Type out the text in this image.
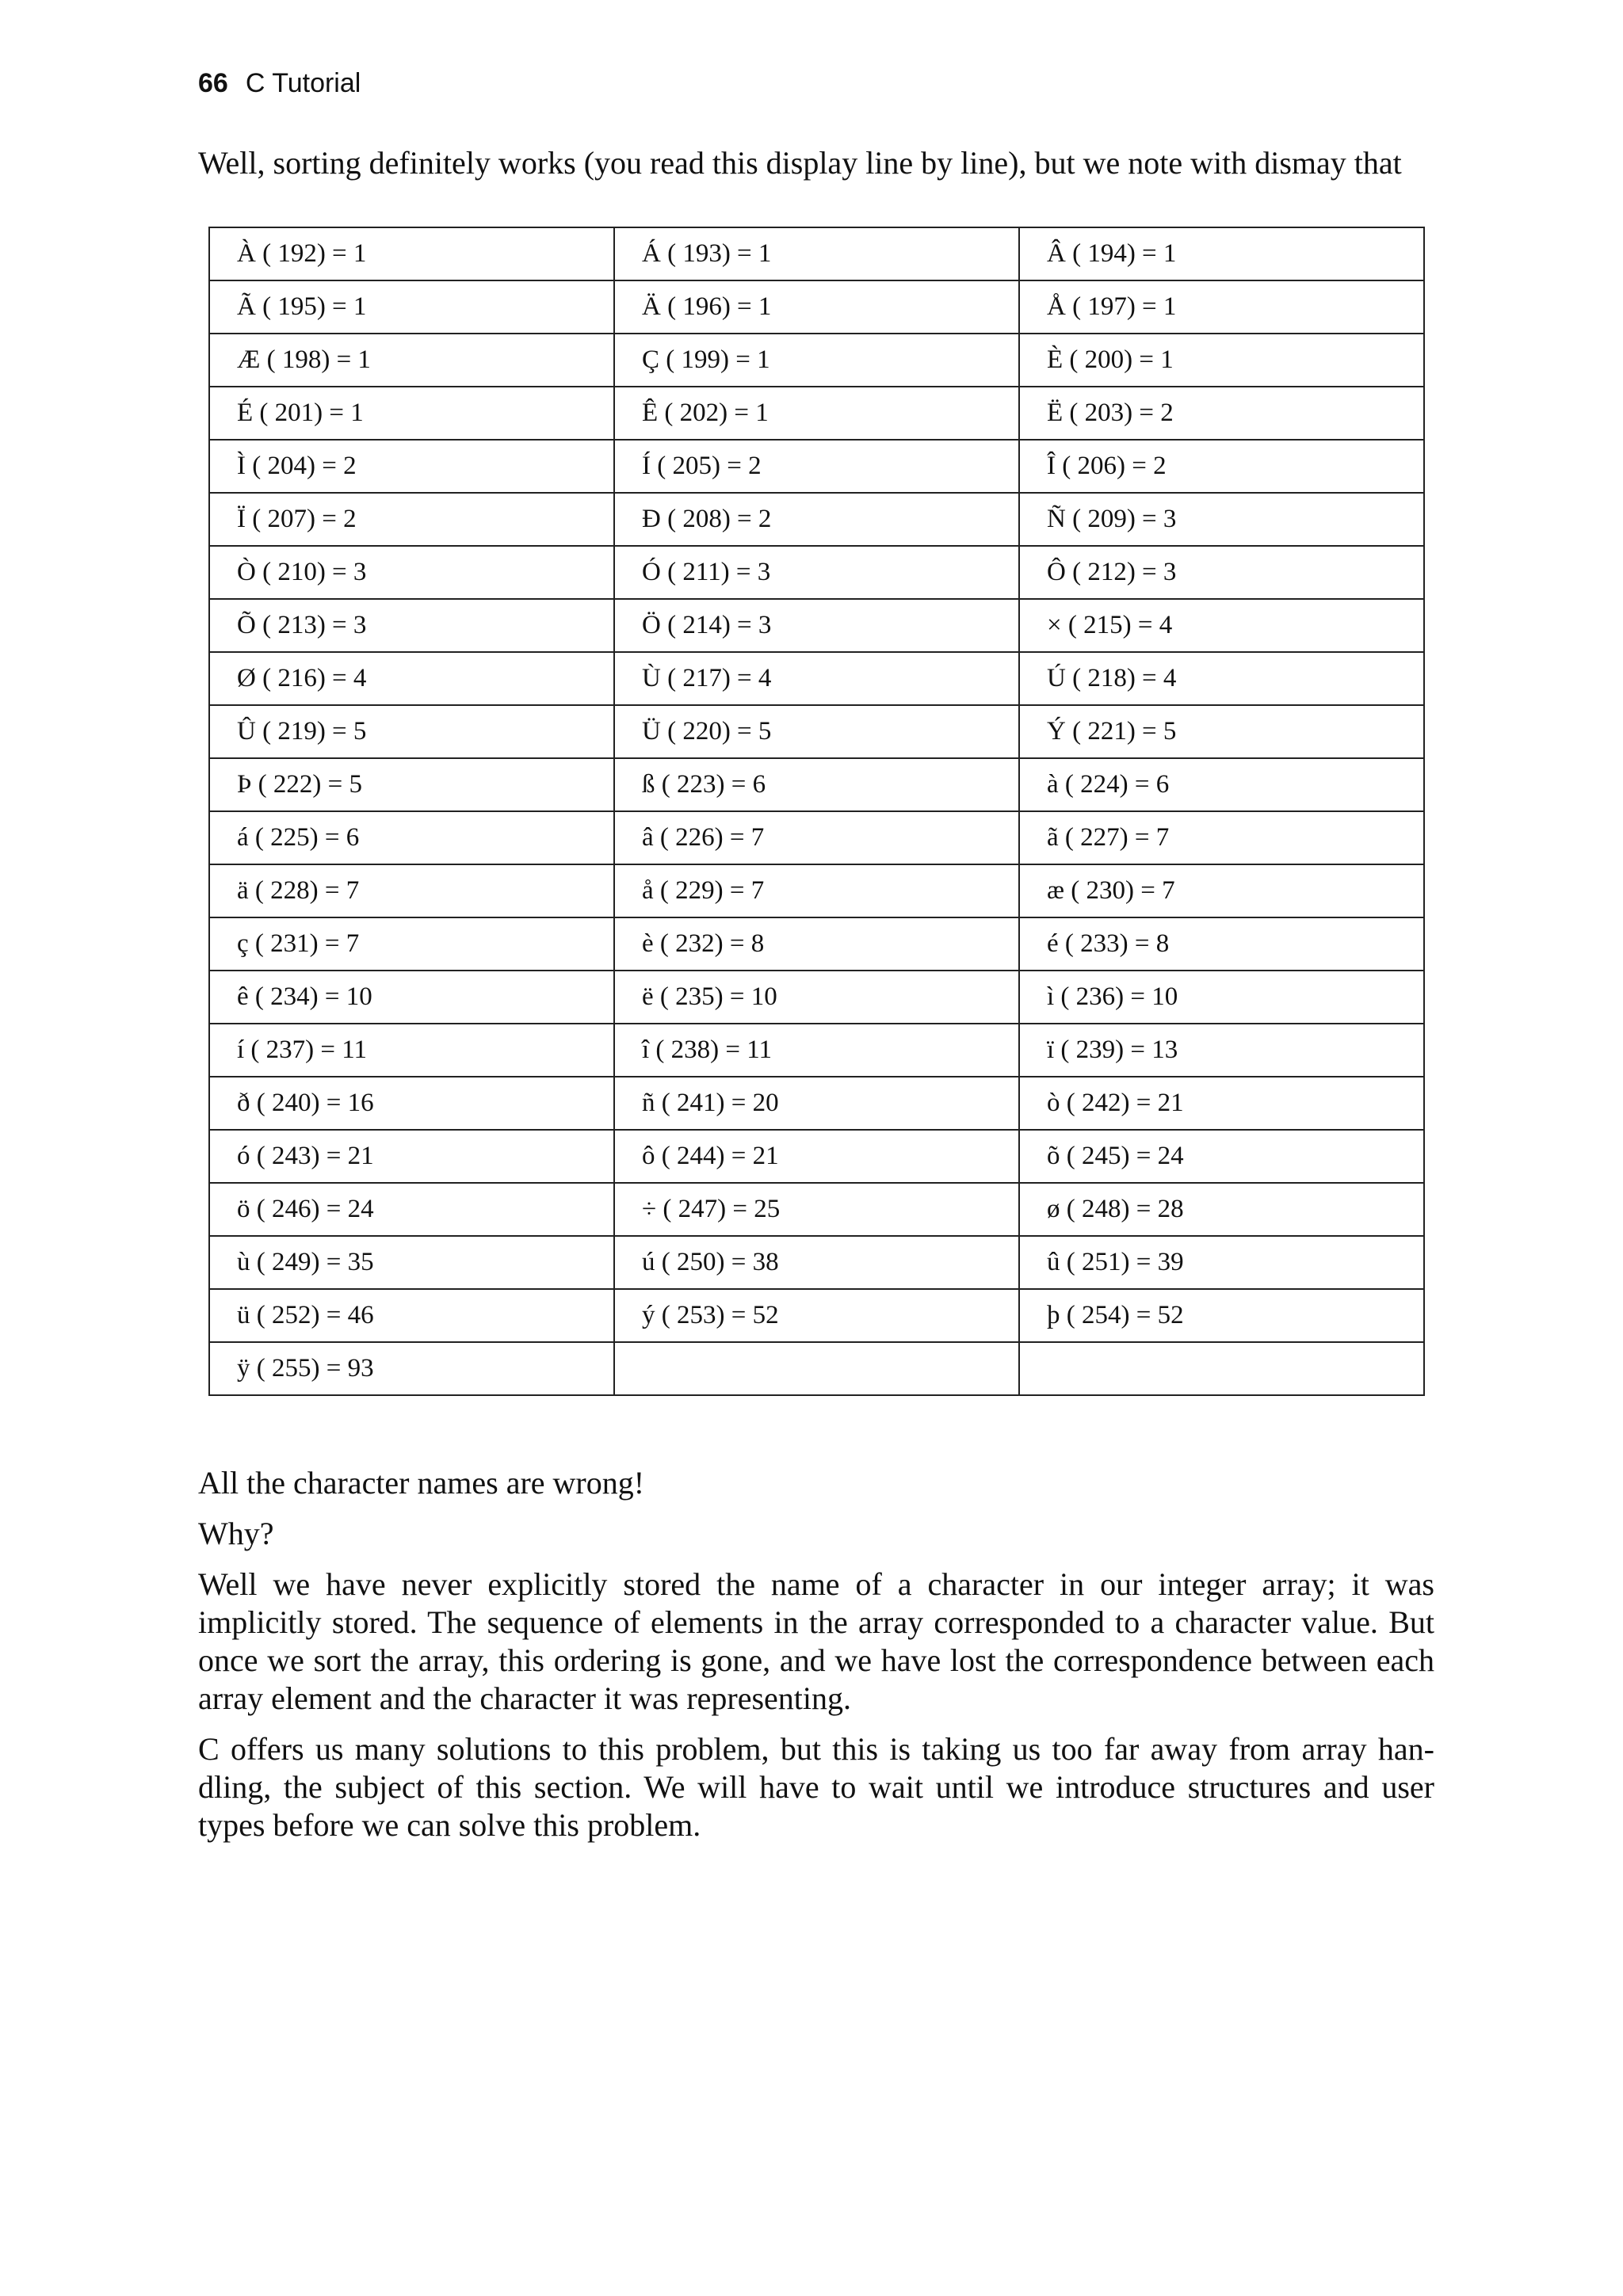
66 C Tutorial

Well, sorting definitely works (you read this display line by line), but we note with dismay that

À ( 192) = 1	Á ( 193) = 1	Â ( 194) = 1
Ã ( 195) = 1	Ä ( 196) = 1	Å ( 197) = 1
Æ ( 198) = 1	Ç ( 199) = 1	È ( 200) = 1
É ( 201) = 1	Ê ( 202) = 1	Ë ( 203) = 2
Ì ( 204) = 2	Í ( 205) = 2	Î ( 206) = 2
Ï ( 207) = 2	Ð ( 208) = 2	Ñ ( 209) = 3
Ò ( 210) = 3	Ó ( 211) = 3	Ô ( 212) = 3
Õ ( 213) = 3	Ö ( 214) = 3	× ( 215) = 4
Ø ( 216) = 4	Ù ( 217) = 4	Ú ( 218) = 4
Û ( 219) = 5	Ü ( 220) = 5	Ý ( 221) = 5
Þ ( 222) = 5	ß ( 223) = 6	à ( 224) = 6
á ( 225) = 6	â ( 226) = 7	ã ( 227) = 7
ä ( 228) = 7	å ( 229) = 7	æ ( 230) = 7
ç ( 231) = 7	è ( 232) = 8	é ( 233) = 8
ê ( 234) = 10	ë ( 235) = 10	ì ( 236) = 10
í ( 237) = 11	î ( 238) = 11	ï ( 239) = 13
ð ( 240) = 16	ñ ( 241) = 20	ò ( 242) = 21
ó ( 243) = 21	ô ( 244) = 21	õ ( 245) = 24
ö ( 246) = 24	÷ ( 247) = 25	ø ( 248) = 28
ù ( 249) = 35	ú ( 250) = 38	û ( 251) = 39
ü ( 252) = 46	ý ( 253) = 52	þ ( 254) = 52
ÿ ( 255) = 93		

All the character names are wrong!

Why?

Well we have never explicitly stored the name of a character in our integer array; it was implicitly stored. The sequence of elements in the array corresponded to a character value. But once we sort the array, this ordering is gone, and we have lost the correspondence between each array element and the character it was representing.

C offers us many solutions to this problem, but this is taking us too far away from array handling, the subject of this section. We will have to wait until we introduce structures and user types before we can solve this problem.
